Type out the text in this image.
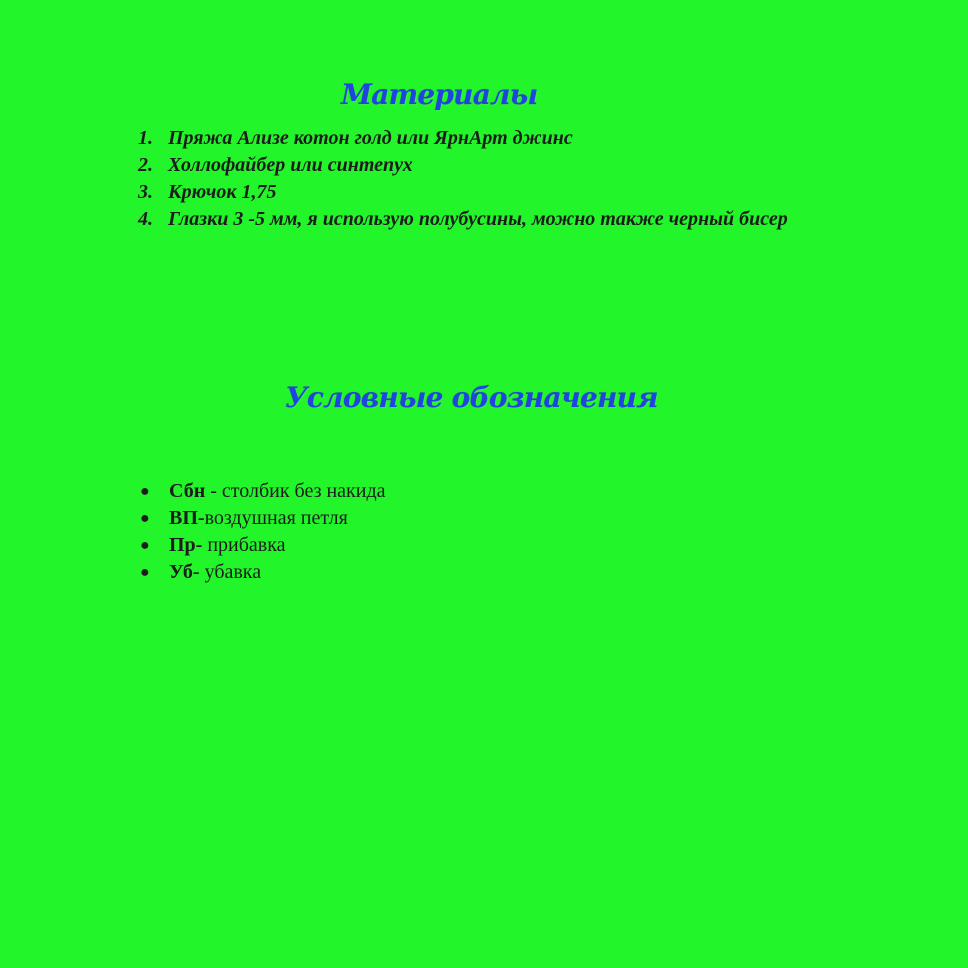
Материалы
1. Пряжа Ализе котон голд или ЯрнАрт джинс
2. Холлофайбер или синтепух
3. Крючок 1,75
4. Глазки 3 -5 мм, я использую полубусины, можно также черный бисер
Условные обозначения
● Сбн - столбик без накида
● ВП-воздушная петля
● Пр- прибавка
● Уб- убавка
